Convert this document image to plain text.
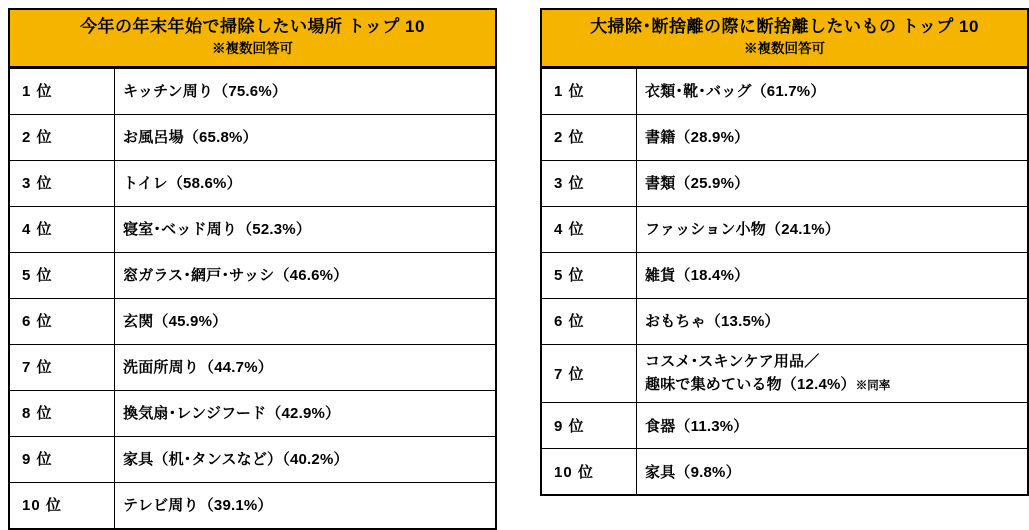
今年の年末年始で掃除したい場所 トップ 10
※複数回答可
1 位	キッチン周り（75.6%）
2 位	お風呂場（65.8%）
3 位	トイレ（58.6%）
4 位	寝室･ベッド周り（52.3%）
5 位	窓ガラス･網戸･サッシ（46.6%）
6 位	玄関（45.9%）
7 位	洗面所周り（44.7%）
8 位	換気扇･レンジフード（42.9%）
9 位	家具（机･タンスなど）（40.2%）
10 位	テレビ周り（39.1%）
大掃除･断捨離の際に断捨離したいもの トップ 10
※複数回答可
1 位	衣類･靴･バッグ（61.7%）
2 位	書籍（28.9%）
3 位	書類（25.9%）
4 位	ファッション小物（24.1%）
5 位	雑貨（18.4%）
6 位	おもちゃ（13.5%）
7 位	コスメ･スキンケア用品／
趣味で集めている物（12.4%）※同率
9 位	食器（11.3%）
10 位	家具（9.8%）
